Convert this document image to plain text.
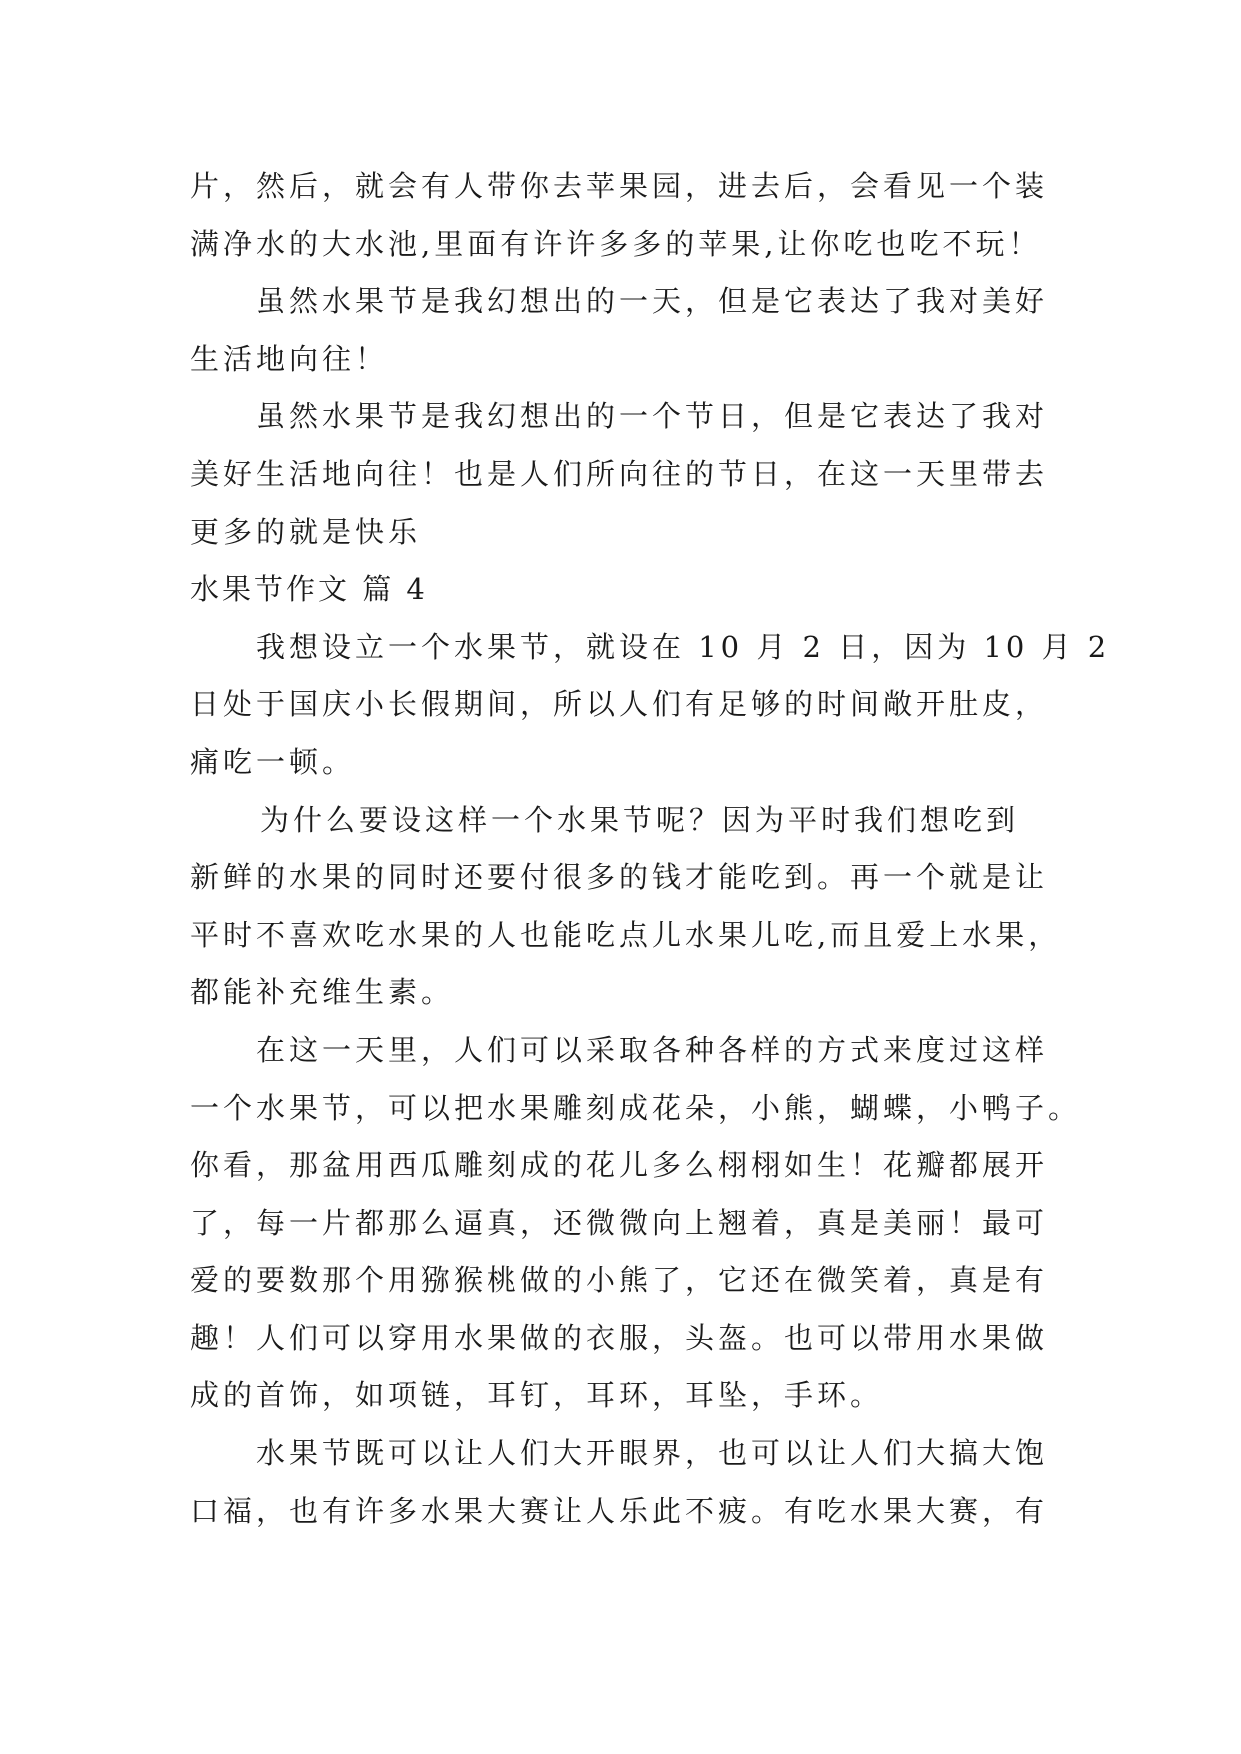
片，然后，就会有人带你去苹果园，进去后，会看见一个装
满净水的大水池,里面有许许多多的苹果,让你吃也吃不玩！
虽然水果节是我幻想出的一天，但是它表达了我对美好
生活地向往！
虽然水果节是我幻想出的一个节日，但是它表达了我对
美好生活地向往！也是人们所向往的节日，在这一天里带去
更多的就是快乐
水果节作文 篇 4
我想设立一个水果节，就设在 10 月 2 日，因为 10 月 2
日处于国庆小长假期间，所以人们有足够的时间敞开肚皮，
痛吃一顿。
为什么要设这样一个水果节呢？因为平时我们想吃到
新鲜的水果的同时还要付很多的钱才能吃到。再一个就是让
平时不喜欢吃水果的人也能吃点儿水果儿吃,而且爱上水果，
都能补充维生素。
在这一天里，人们可以采取各种各样的方式来度过这样
一个水果节，可以把水果雕刻成花朵，小熊，蝴蝶，小鸭子。
你看，那盆用西瓜雕刻成的花儿多么栩栩如生！花瓣都展开
了，每一片都那么逼真，还微微向上翘着，真是美丽！最可
爱的要数那个用猕猴桃做的小熊了，它还在微笑着，真是有
趣！人们可以穿用水果做的衣服，头盔。也可以带用水果做
成的首饰，如项链，耳钉，耳环，耳坠，手环。
水果节既可以让人们大开眼界，也可以让人们大搞大饱
口福，也有许多水果大赛让人乐此不疲。有吃水果大赛，有
